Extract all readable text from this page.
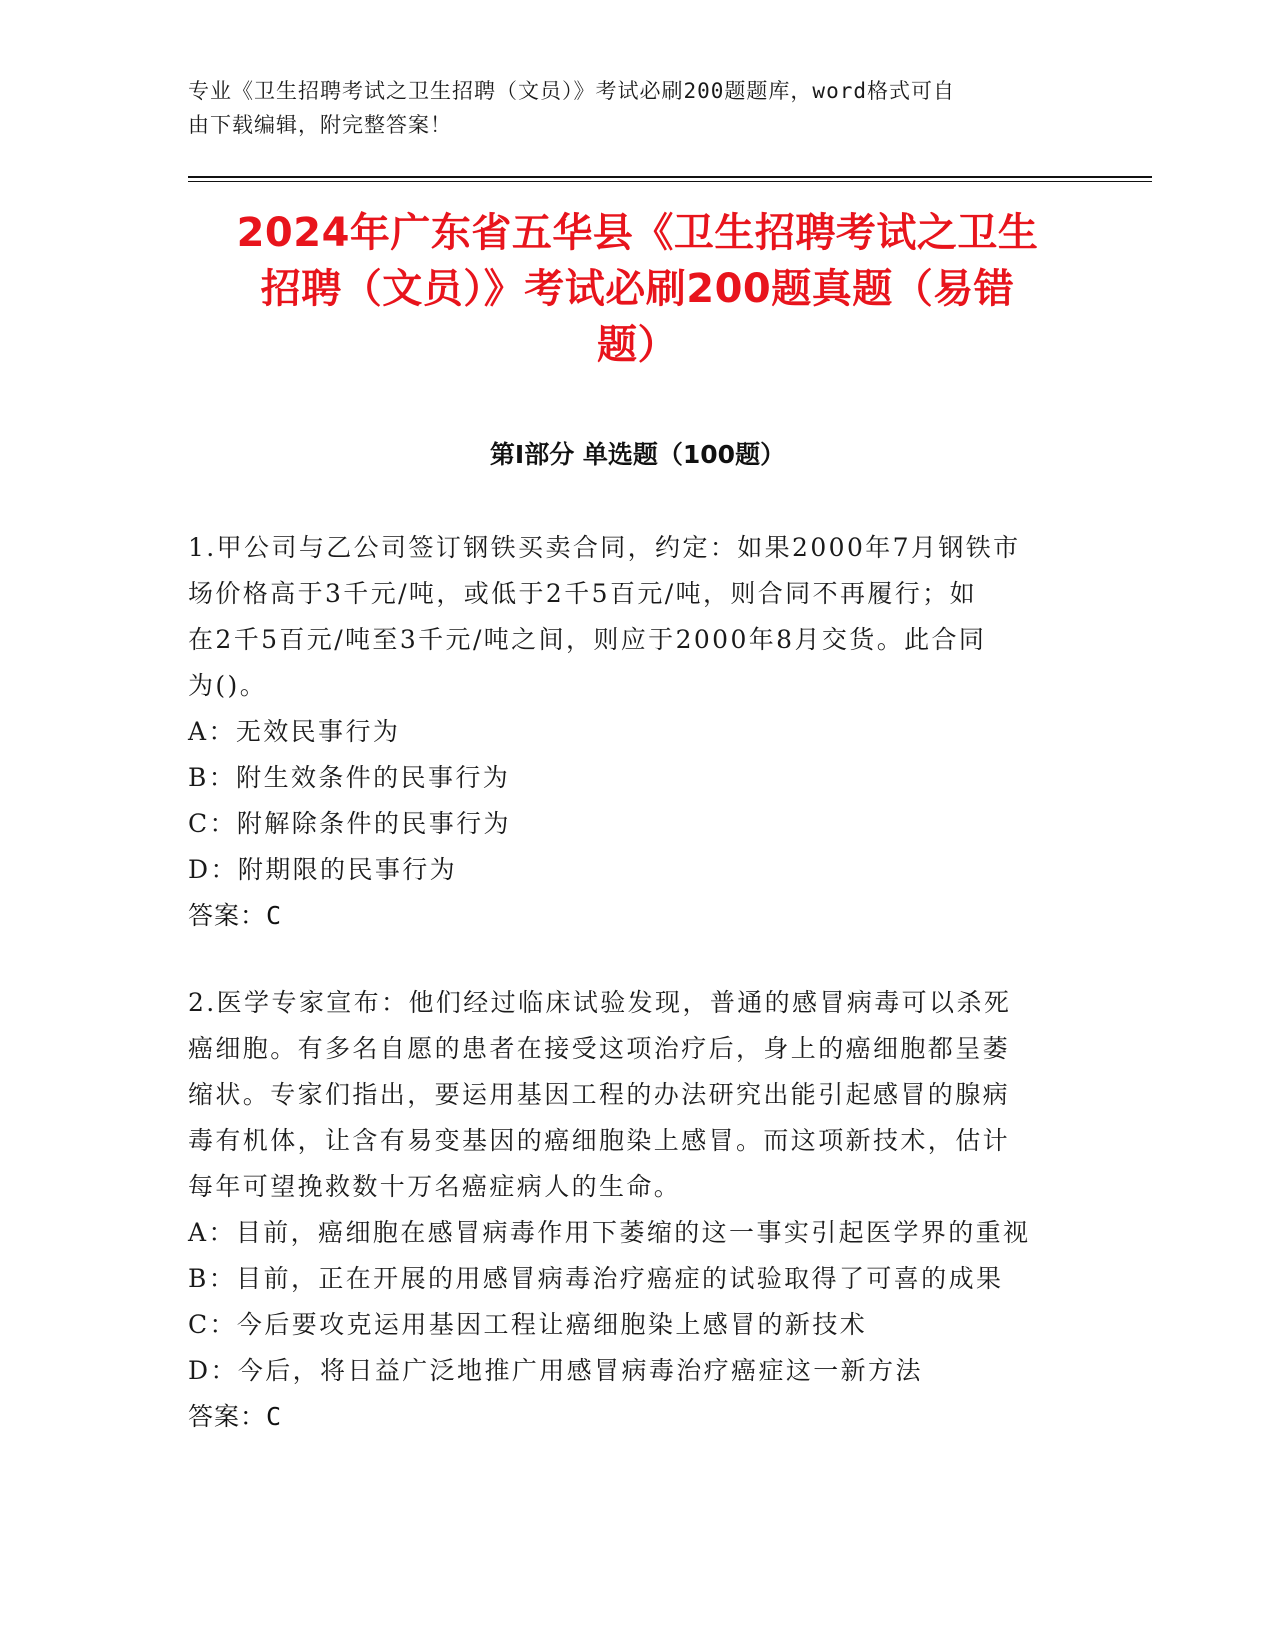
专业《卫生招聘考试之卫生招聘（文员）》考试必刷200题题库，word格式可自
由下载编辑，附完整答案！
2024年广东省五华县《卫生招聘考试之卫生
招聘（文员）》考试必刷200题真题（易错
题）
第Ⅰ部分 单选题（100题）
1.甲公司与乙公司签订钢铁买卖合同，约定：如果2000年7月钢铁市
场价格高于3千元/吨，或低于2千5百元/吨，则合同不再履行；如
在2千5百元/吨至3千元/吨之间，则应于2000年8月交货。此合同
为()。
A：无效民事行为
B：附生效条件的民事行为
C：附解除条件的民事行为
D：附期限的民事行为
答案：C
2.医学专家宣布：他们经过临床试验发现，普通的感冒病毒可以杀死
癌细胞。有多名自愿的患者在接受这项治疗后，身上的癌细胞都呈萎
缩状。专家们指出，要运用基因工程的办法研究出能引起感冒的腺病
毒有机体，让含有易变基因的癌细胞染上感冒。而这项新技术，估计
每年可望挽救数十万名癌症病人的生命。
A：目前，癌细胞在感冒病毒作用下萎缩的这一事实引起医学界的重视
B：目前，正在开展的用感冒病毒治疗癌症的试验取得了可喜的成果
C：今后要攻克运用基因工程让癌细胞染上感冒的新技术
D：今后，将日益广泛地推广用感冒病毒治疗癌症这一新方法
答案：C
